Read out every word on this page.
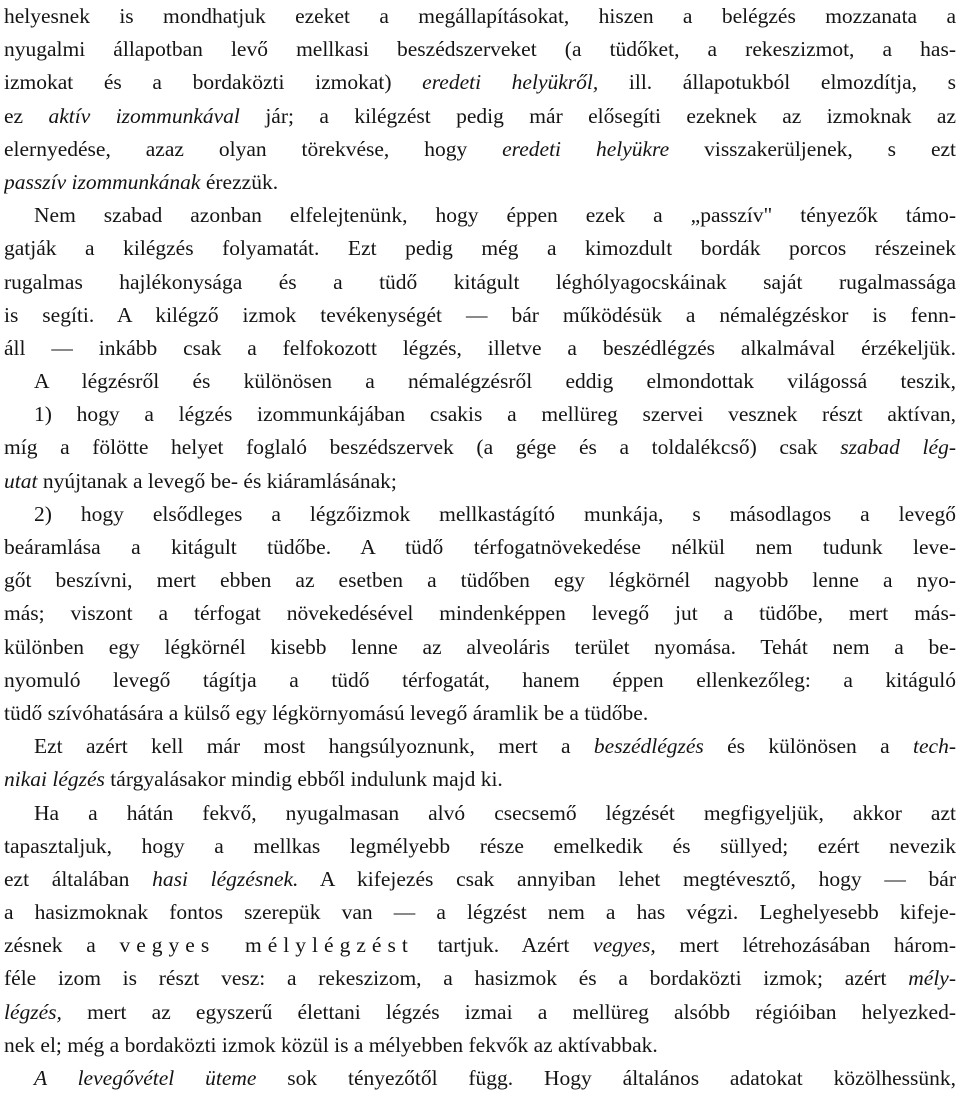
helyesnek is mondhatjuk ezeket a megállapításokat, hiszen a belégzés mozzanata a
nyugalmi állapotban levő mellkasi beszédszerveket (a tüdőket, a rekeszizmot, a has-
izmokat és a bordaközti izmokat) eredeti helyükről, ill. állapotukból elmozdítja, s
ez aktív izommunkával jár; a kilégzést pedig már elősegíti ezeknek az izmoknak az
elernyedése, azaz olyan törekvése, hogy eredeti helyükre visszakerüljenek, s ezt
passzív izommunkának érezzük.
Nem szabad azonban elfelejtenünk, hogy éppen ezek a „passzív" tényezők támo-
gatják a kilégzés folyamatát. Ezt pedig még a kimozdult bordák porcos részeinek
rugalmas hajlékonysága és a tüdő kitágult léghólyagocskáinak saját rugalmassága
is segíti. A kilégző izmok tevékenységét — bár működésük a némalégzéskor is fenn-
áll — inkább csak a felfokozott légzés, illetve a beszédlégzés alkalmával érzékeljük.
A légzésről és különösen a némalégzésről eddig elmondottak világossá teszik,
1) hogy a légzés izommunkájában csakis a mellüreg szervei vesznek részt aktívan,
míg a fölötte helyet foglaló beszédszervek (a gége és a toldalékcső) csak szabad lég-
utat nyújtanak a levegő be- és kiáramlásának;
2) hogy elsődleges a légzőizmok mellkastágító munkája, s másodlagos a levegő
beáramlása a kitágult tüdőbe. A tüdő térfogatnövekedése nélkül nem tudunk leve-
gőt beszívni, mert ebben az esetben a tüdőben egy légkörnél nagyobb lenne a nyo-
más; viszont a térfogat növekedésével mindenképpen levegő jut a tüdőbe, mert más-
különben egy légkörnél kisebb lenne az alveoláris terület nyomása. Tehát nem a be-
nyomuló levegő tágítja a tüdő térfogatát, hanem éppen ellenkezőleg: a kitáguló
tüdő szívóhatására a külső egy légkörnyomású levegő áramlik be a tüdőbe.
Ezt azért kell már most hangsúlyoznunk, mert a beszédlégzés és különösen a tech-
nikai légzés tárgyalásakor mindig ebből indulunk majd ki.
Ha a hátán fekvő, nyugalmasan alvó csecsemő légzését megfigyeljük, akkor azt
tapasztaljuk, hogy a mellkas legmélyebb része emelkedik és süllyed; ezért nevezik
ezt általában hasi légzésnek. A kifejezés csak annyiban lehet megtévesztő, hogy — bár
a hasizmoknak fontos szerepük van — a légzést nem a has végzi. Leghelyesebb kifeje-
zésnek a vegyes mélylégzést tartjuk. Azért vegyes, mert létrehozásában három-
féle izom is részt vesz: a rekeszizom, a hasizmok és a bordaközti izmok; azért mély-
légzés, mert az egyszerű élettani légzés izmai a mellüreg alsóbb régióiban helyezked-
nek el; még a bordaközti izmok közül is a mélyebben fekvők az aktívabbak.
A levegővétel üteme sok tényezőtől függ. Hogy általános adatokat közölhessünk,
